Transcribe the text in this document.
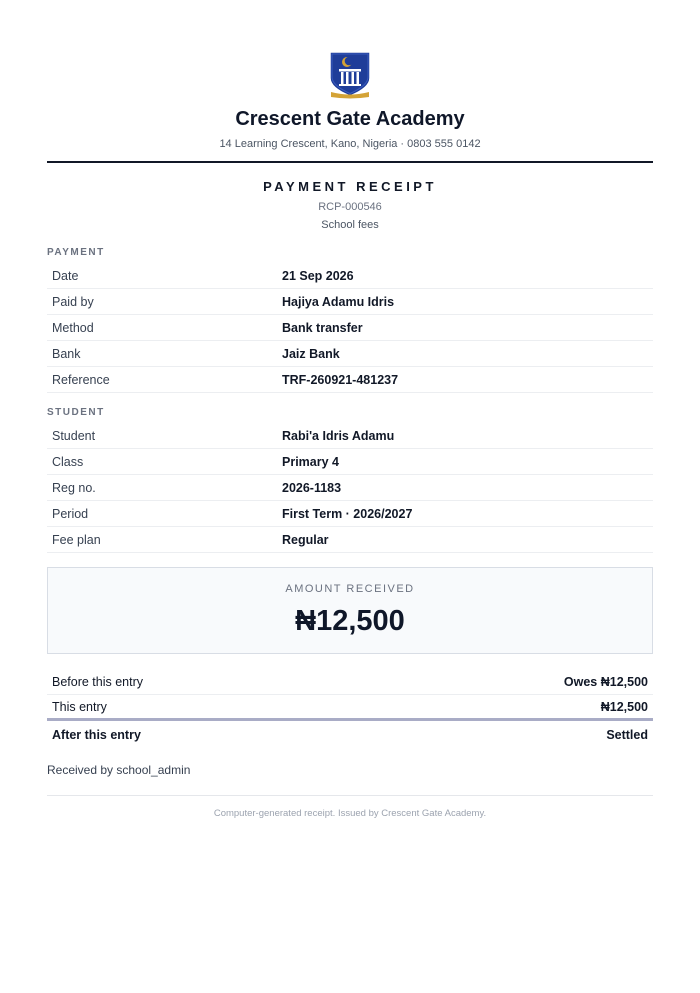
Crescent Gate Academy
14 Learning Crescent, Kano, Nigeria · 0803 555 0142
PAYMENT RECEIPT
RCP-000546
School fees
PAYMENT
Date	21 Sep 2026
Paid by	Hajiya Adamu Idris
Method	Bank transfer
Bank	Jaiz Bank
Reference	TRF-260921-481237
STUDENT
Student	Rabi'a Idris Adamu
Class	Primary 4
Reg no.	2026-1183
Period	First Term · 2026/2027
Fee plan	Regular
AMOUNT RECEIVED
₦12,500
Before this entry	Owes ₦12,500
This entry	₦12,500
After this entry	Settled
Received by school_admin
Computer-generated receipt. Issued by Crescent Gate Academy.
